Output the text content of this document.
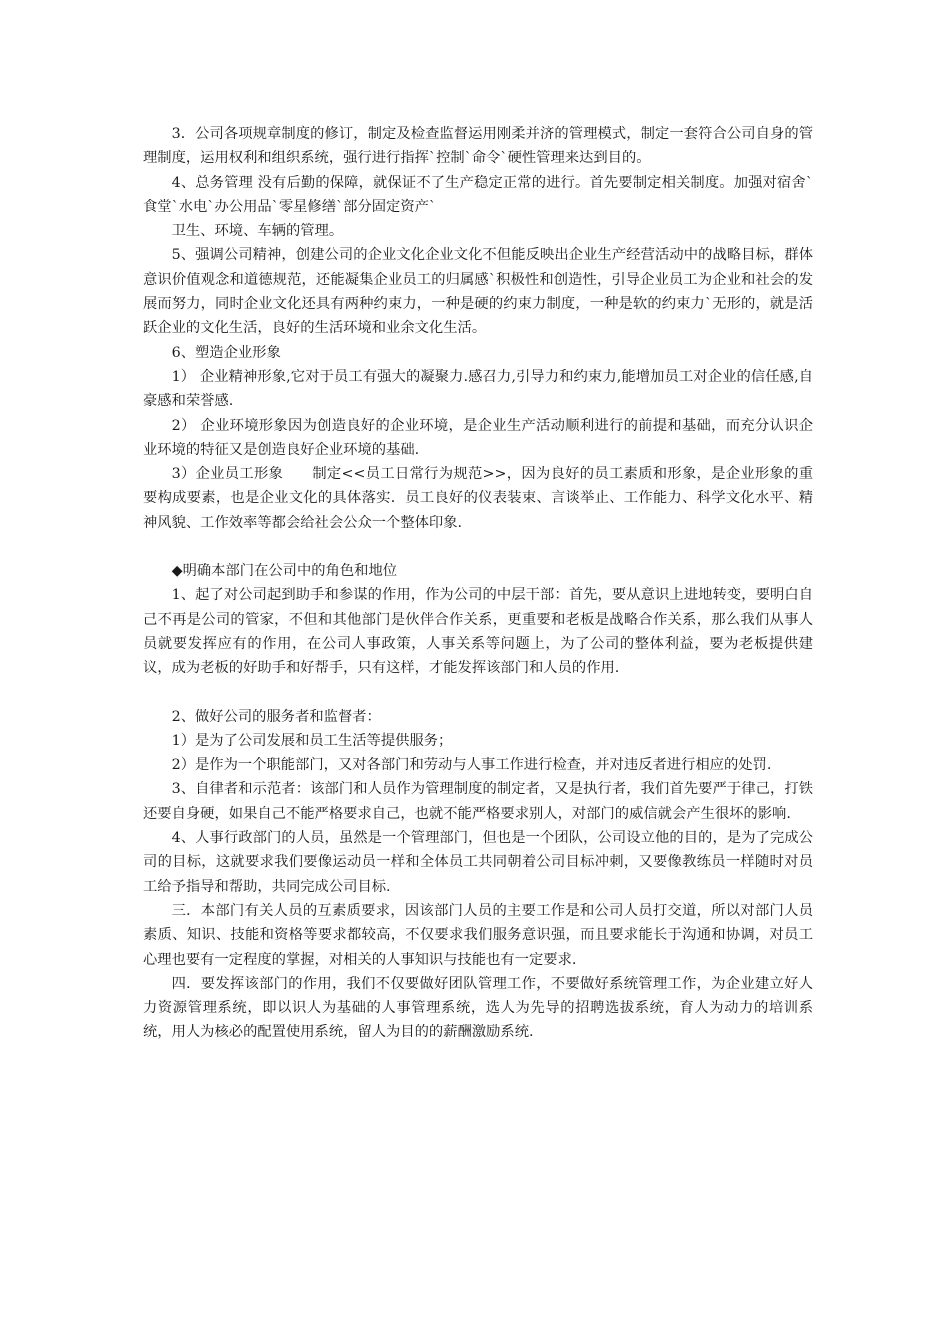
3．公司各项规章制度的修订，制定及检查监督运用刚柔并济的管理模式，制定一套符合公司自身的管理制度，运用权利和组织系统，强行进行指挥`控制`命令`硬性管理来达到目的。

4、总务管理 没有后勤的保障，就保证不了生产稳定正常的进行。首先要制定相关制度。加强对宿舍`食堂`水电`办公用品`零星修缮`部分固定资产`

卫生、环境、车辆的管理。

5、强调公司精神，创建公司的企业文化企业文化不但能反映出企业生产经营活动中的战略目标，群体意识价值观念和道德规范，还能凝集企业员工的归属感`积极性和创造性，引导企业员工为企业和社会的发展而努力，同时企业文化还具有两种约束力，一种是硬的约束力制度，一种是软的约束力`无形的，就是活跃企业的文化生活，良好的生活环境和业余文化生活。

6、塑造企业形象

1） 企业精神形象,它对于员工有强大的凝聚力.感召力,引导力和约束力,能增加员工对企业的信任感,自豪感和荣誉感.

2） 企业环境形象因为创造良好的企业环境，是企业生产活动顺利进行的前提和基础，而充分认识企业环境的特征又是创造良好企业环境的基础.

3）企业员工形象　　制定<<员工日常行为规范>>，因为良好的员工素质和形象，是企业形象的重要构成要素，也是企业文化的具体落实．员工良好的仪表装束、言谈举止、工作能力、科学文化水平、精神风貌、工作效率等都会给社会公众一个整体印象.

◆明确本部门在公司中的角色和地位

1、起了对公司起到助手和参谋的作用，作为公司的中层干部：首先，要从意识上进地转变，要明白自己不再是公司的管家，不但和其他部门是伙伴合作关系，更重要和老板是战略合作关系，那么我们从事人员就要发挥应有的作用，在公司人事政策，人事关系等问题上，为了公司的整体利益，要为老板提供建议，成为老板的好助手和好帮手，只有这样，才能发挥该部门和人员的作用.

2、做好公司的服务者和监督者：

1）是为了公司发展和员工生活等提供服务；

2）是作为一个职能部门，又对各部门和劳动与人事工作进行检查，并对违反者进行相应的处罚.

3、自律者和示范者：该部门和人员作为管理制度的制定者，又是执行者，我们首先要严于律己，打铁还要自身硬，如果自己不能严格要求自己，也就不能严格要求别人，对部门的威信就会产生很坏的影响.

4、人事行政部门的人员，虽然是一个管理部门，但也是一个团队，公司设立他的目的，是为了完成公司的目标，这就要求我们要像运动员一样和全体员工共同朝着公司目标冲刺，又要像教练员一样随时对员工给予指导和帮助，共同完成公司目标.

三．本部门有关人员的互素质要求，因该部门人员的主要工作是和公司人员打交道，所以对部门人员素质、知识、技能和资格等要求都较高，不仅要求我们服务意识强，而且要求能长于沟通和协调，对员工心理也要有一定程度的掌握，对相关的人事知识与技能也有一定要求.

四．要发挥该部门的作用，我们不仅要做好团队管理工作，不要做好系统管理工作，为企业建立好人力资源管理系统，即以识人为基础的人事管理系统，选人为先导的招聘选拔系统，育人为动力的培训系统，用人为核必的配置使用系统，留人为目的的薪酬激励系统.
